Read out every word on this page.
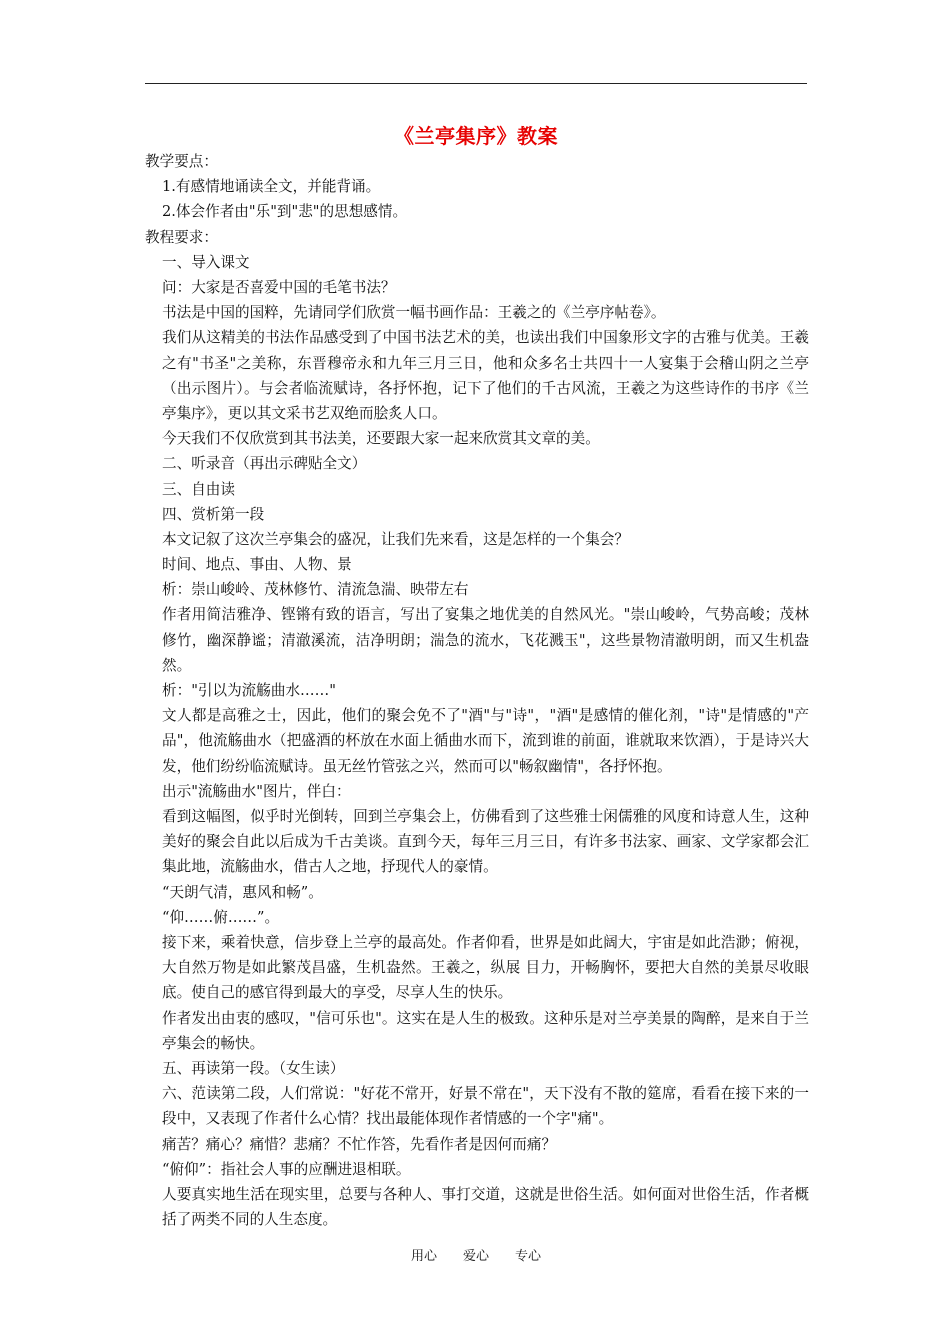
《兰亭集序》教案
教学要点：
1.有感情地诵读全文，并能背诵。
2.体会作者由"乐"到"悲"的思想感情。
教程要求：
一、导入课文
问：大家是否喜爱中国的毛笔书法？
书法是中国的国粹，先请同学们欣赏一幅书画作品：王羲之的《兰亭序帖卷》。
我们从这精美的书法作品感受到了中国书法艺术的美，也读出我们中国象形文字的古雅与优美。王羲之有"书圣"之美称，东晋穆帝永和九年三月三日，他和众多名士共四十一人宴集于会稽山阴之兰亭（出示图片）。与会者临流赋诗，各抒怀抱，记下了他们的千古风流，王羲之为这些诗作的书序《兰亭集序》，更以其文采书艺双绝而脍炙人口。
今天我们不仅欣赏到其书法美，还要跟大家一起来欣赏其文章的美。
二、听录音（再出示碑贴全文）
三、自由读
四、赏析第一段
本文记叙了这次兰亭集会的盛况，让我们先来看，这是怎样的一个集会？
时间、地点、事由、人物、景
析：崇山峻岭、茂林修竹、清流急湍、映带左右
作者用简洁雅净、铿锵有致的语言，写出了宴集之地优美的自然风光。"崇山峻岭，气势高峻；茂林修竹，幽深静谧；清澈溪流，洁净明朗；湍急的流水，飞花溅玉"，这些景物清澈明朗，而又生机盎然。
析："引以为流觞曲水……"
文人都是高雅之士，因此，他们的聚会免不了"酒"与"诗"，"酒"是感情的催化剂，"诗"是情感的"产品"，他流觞曲水（把盛酒的杯放在水面上循曲水而下，流到谁的前面，谁就取来饮酒），于是诗兴大发，他们纷纷临流赋诗。虽无丝竹管弦之兴，然而可以"畅叙幽情"，各抒怀抱。
出示"流觞曲水"图片，伴白：
看到这幅图，似乎时光倒转，回到兰亭集会上，仿佛看到了这些雅士闲儒雅的风度和诗意人生，这种美好的聚会自此以后成为千古美谈。直到今天，每年三月三日，有许多书法家、画家、文学家都会汇集此地，流觞曲水，借古人之地，抒现代人的豪情。
“天朗气清，惠风和畅”。
“仰……俯……”。
接下来，乘着快意，信步登上兰亭的最高处。作者仰看，世界是如此阔大，宇宙是如此浩渺；俯视，大自然万物是如此繁茂昌盛，生机盎然。王羲之，纵展 目力，开畅胸怀，要把大自然的美景尽收眼底。使自己的感官得到最大的享受，尽享人生的快乐。
作者发出由衷的感叹，"信可乐也"。这实在是人生的极致。这种乐是对兰亭美景的陶醉，是来自于兰亭集会的畅快。
五、再读第一段。（女生读）
六、范读第二段，人们常说："好花不常开，好景不常在"，天下没有不散的筵席，看看在接下来的一段中，又表现了作者什么心情？找出最能体现作者情感的一个字"痛"。
痛苦？痛心？痛惜？悲痛？不忙作答，先看作者是因何而痛？
“俯仰”：指社会人事的应酬进退相联。
人要真实地生活在现实里，总要与各种人、事打交道，这就是世俗生活。如何面对世俗生活，作者概括了两类不同的人生态度。
用心　　爱心　　专心
